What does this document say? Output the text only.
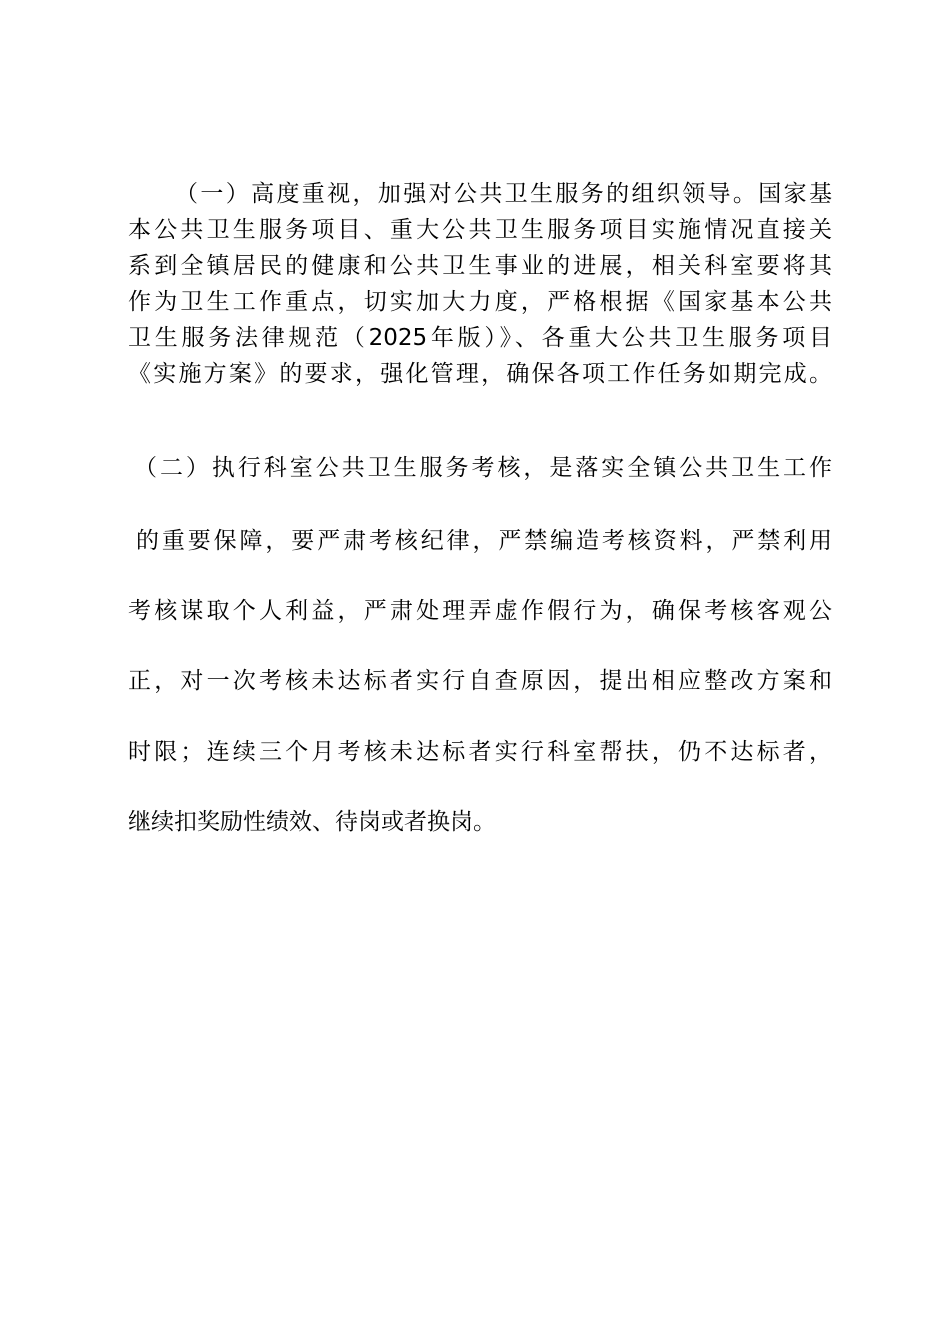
（一）高度重视，加强对公共卫生服务的组织领导。国家基
本公共卫生服务项目、重大公共卫生服务项目实施情况直接关
系到全镇居民的健康和公共卫生事业的进展，相关科室要将其
作为卫生工作重点，切实加大力度，严格根据《国家基本公共
卫生服务法律规范（2025年版）》、各重大公共卫生服务项目
《实施方案》的要求，强化管理，确保各项工作任务如期完成。
（二）执行科室公共卫生服务考核，是落实全镇公共卫生工作
的重要保障，要严肃考核纪律，严禁编造考核资料，严禁利用
考核谋取个人利益，严肃处理弄虚作假行为，确保考核客观公
正，对一次考核未达标者实行自查原因，提出相应整改方案和
时限；连续三个月考核未达标者实行科室帮扶，仍不达标者，
继续扣奖励性绩效、待岗或者换岗。
